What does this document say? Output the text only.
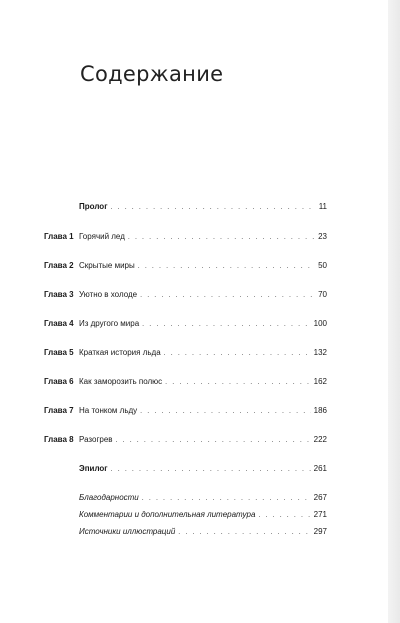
Содержание
Пролог . . .	11
Глава 1 Горячий лед . . .	23
Глава 2 Скрытые миры . . .	50
Глава 3 Уютно в холоде . . .	70
Глава 4 Из другого мира . . .	100
Глава 5 Краткая история льда . . .	132
Глава 6 Как заморозить полюс . . .	162
Глава 7 На тонком льду . . .	186
Глава 8 Разогрев . . .	222
Эпилог . . .	261
Благодарности . . .	267
Комментарии и дополнительная литература . . .	271
Источники иллюстраций . . .	297
